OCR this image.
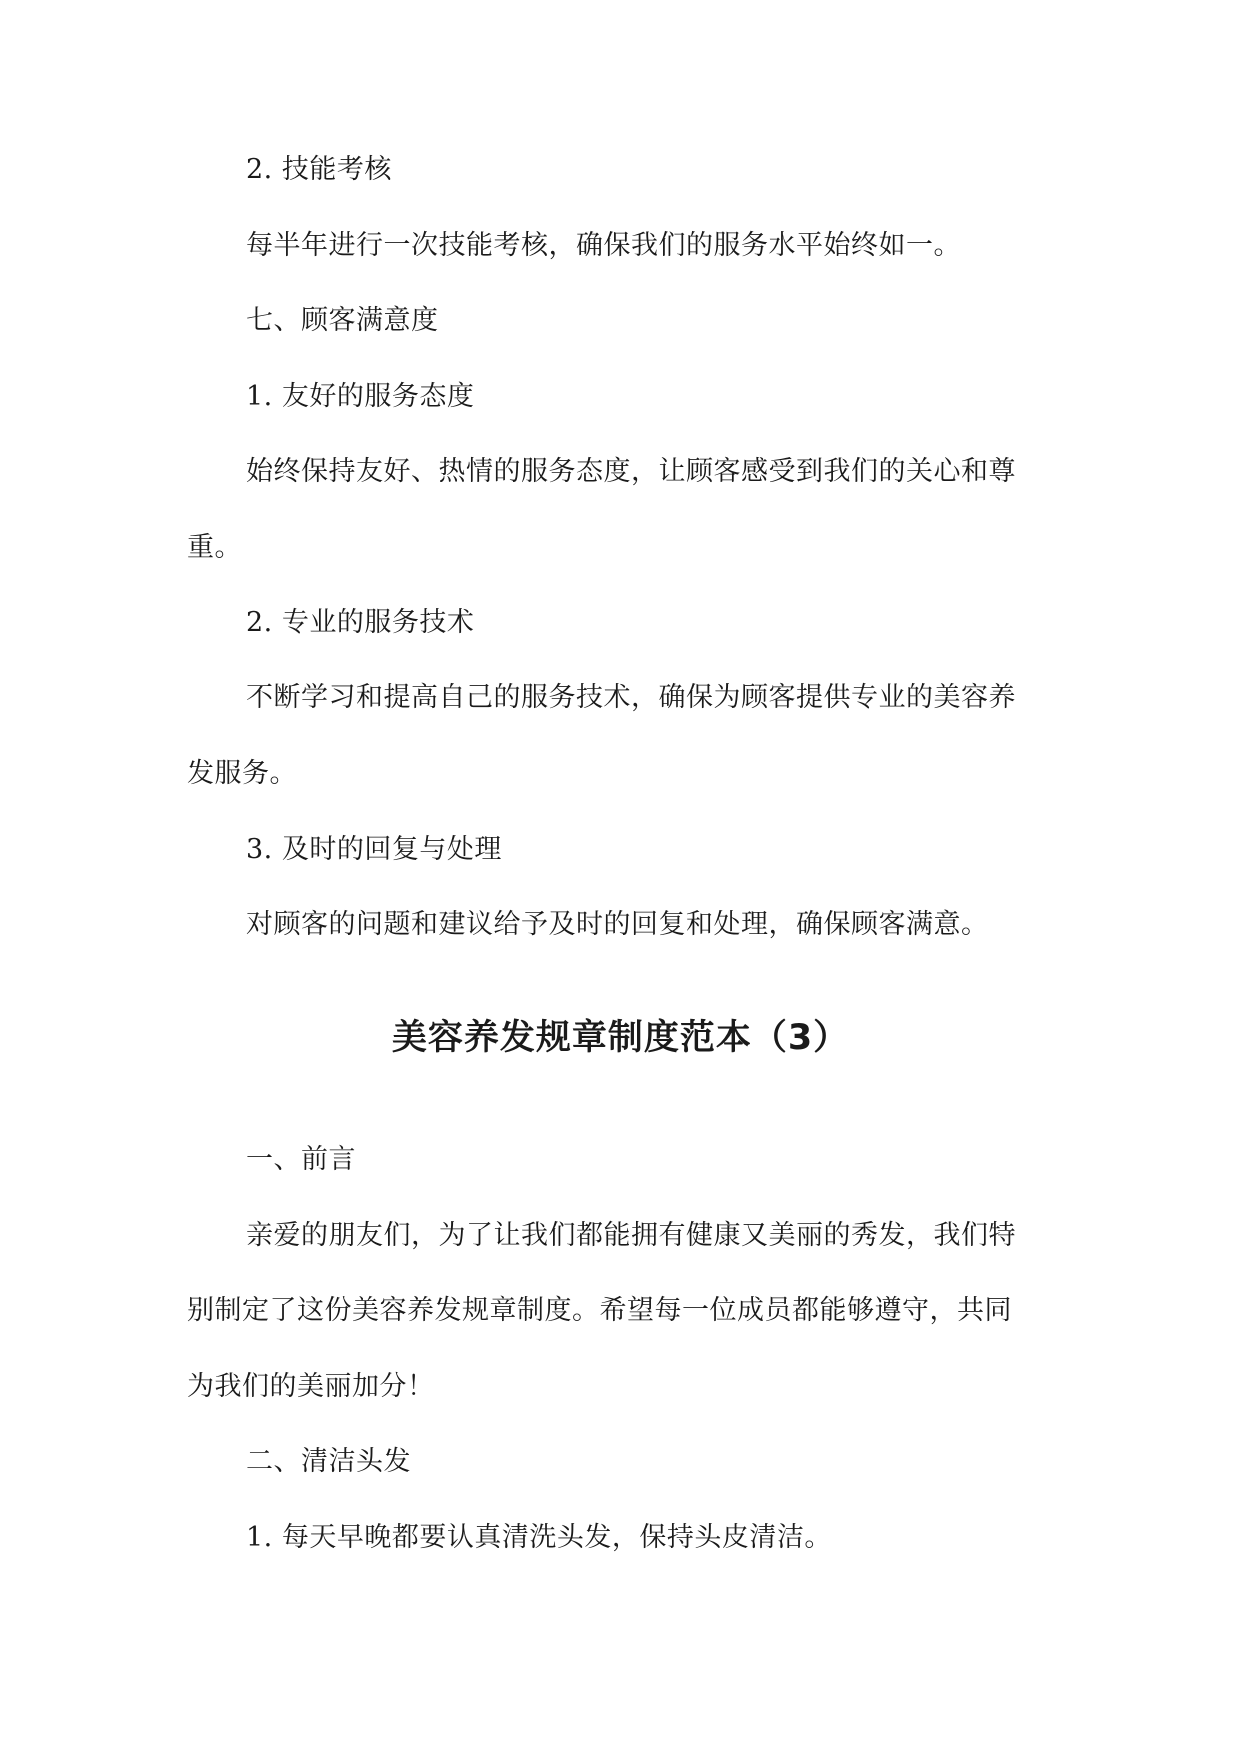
2. 技能考核

每半年进行一次技能考核，确保我们的服务水平始终如一。

七、顾客满意度

1. 友好的服务态度

始终保持友好、热情的服务态度，让顾客感受到我们的关心和尊

重。

2. 专业的服务技术

不断学习和提高自己的服务技术，确保为顾客提供专业的美容养

发服务。

3. 及时的回复与处理

对顾客的问题和建议给予及时的回复和处理，确保顾客满意。

美容养发规章制度范本（3）

一、前言

亲爱的朋友们，为了让我们都能拥有健康又美丽的秀发，我们特

别制定了这份美容养发规章制度。希望每一位成员都能够遵守，共同

为我们的美丽加分！

二、清洁头发

1. 每天早晚都要认真清洗头发，保持头皮清洁。
